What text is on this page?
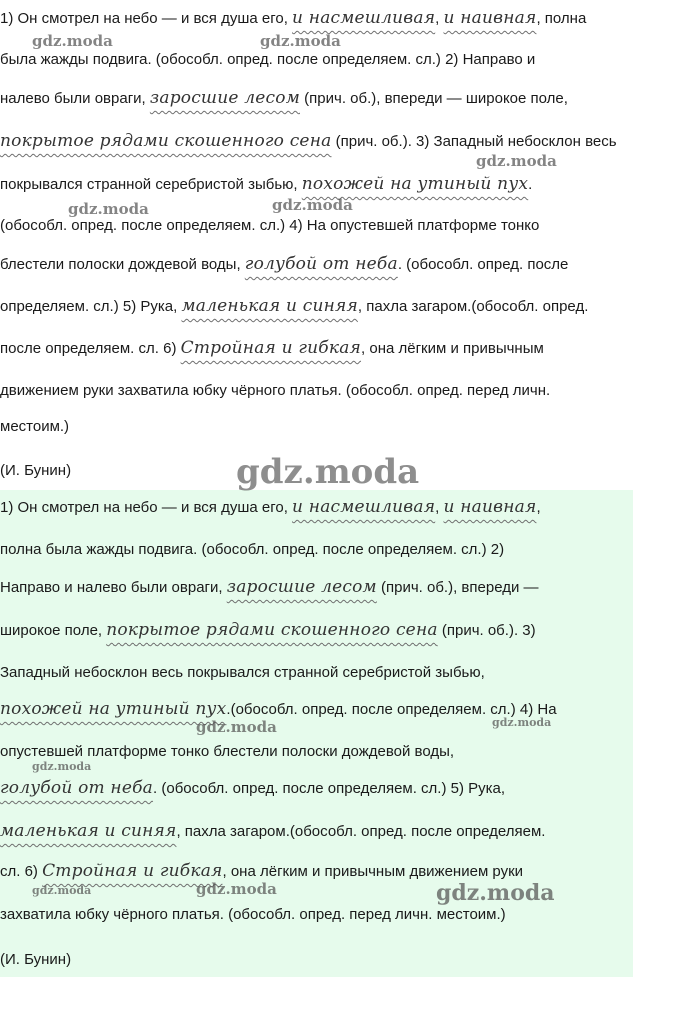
1) Он смотрел на небо — и вся душа его, и насмешливая, и наивная, полна
была жажды подвига. (обособл. опред. после определяем. сл.) 2) Направо и
налево были овраги, заросшие лесом (прич. об.), впереди — широкое поле,
покрытое рядами скошенного сена (прич. об.). 3) Западный небосклон весь
покрывался странной серебристой зыбью, похожей на утиный пух.
(обособл. опред. после определяем. сл.) 4) На опустевшей платформе тонко
блестели полоски дождевой воды, голубой от неба. (обособл. опред. после
определяем. сл.) 5) Рука, маленькая и синяя, пахла загаром.(обособл. опред.
после определяем. сл. 6) Стройная и гибкая, она лёгким и привычным
движением руки захватила юбку чёрного платья. (обособл. опред. перед личн.
местоим.)
(И. Бунин)
1) Он смотрел на небо — и вся душа его, и насмешливая, и наивная,
полна была жажды подвига. (обособл. опред. после определяем. сл.) 2)
Направо и налево были овраги, заросшие лесом (прич. об.), впереди —
широкое поле, покрытое рядами скошенного сена (прич. об.). 3)
Западный небосклон весь покрывался странной серебристой зыбью,
похожей на утиный пух.(обособл. опред. после определяем. сл.) 4) На
опустевшей платформе тонко блестели полоски дождевой воды,
голубой от неба. (обособл. опред. после определяем. сл.) 5) Рука,
маленькая и синяя, пахла загаром.(обособл. опред. после определяем.
сл. 6) Стройная и гибкая, она лёгким и привычным движением руки
захватила юбку чёрного платья. (обособл. опред. перед личн. местоим.)
(И. Бунин)
gdz.moda	gdz.moda
gdz.moda
gdz.moda	gdz.moda
gdz.moda
gdz.moda	gdz.moda
gdz.moda
gdz.moda	gdz.moda	gdz.moda
